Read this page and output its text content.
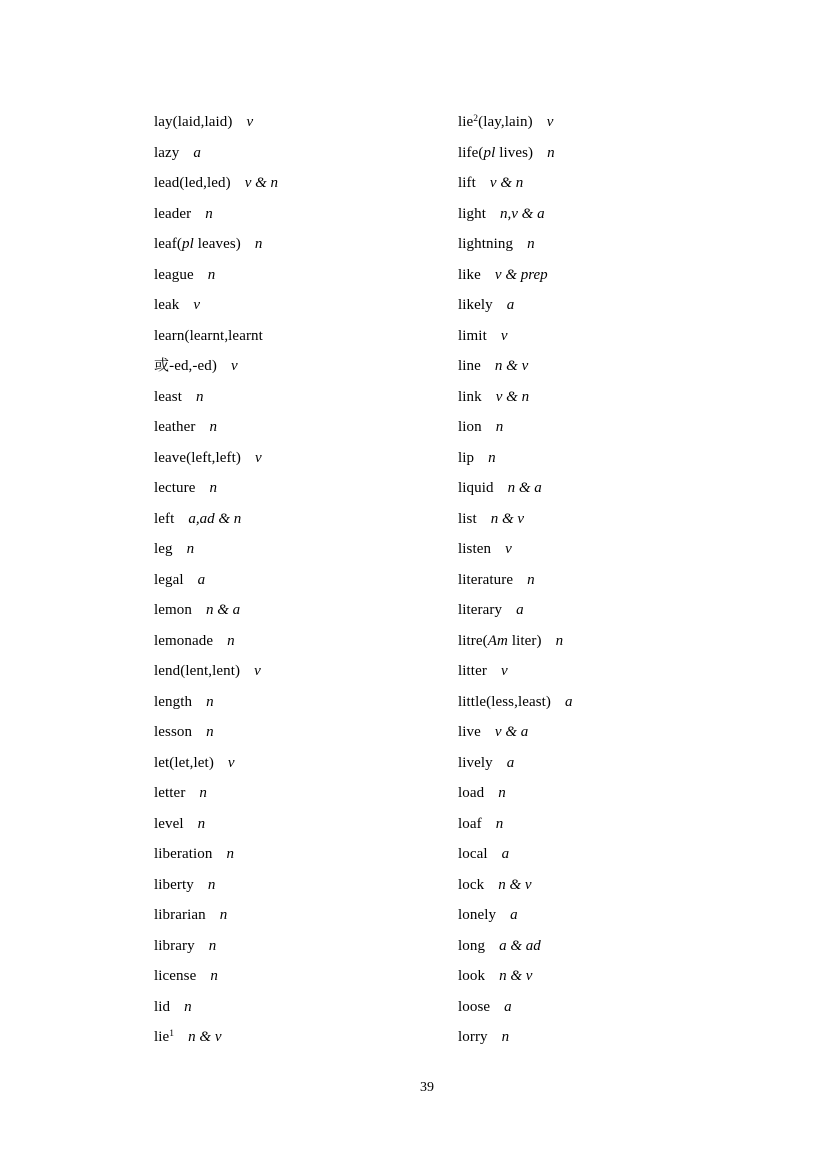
lay(laid,laid) v
lazy a
lead(led,led) v & n
leader n
leaf(pl leaves) n
league n
leak v
learn(learnt,learnt
或-ed,-ed) v
least n
leather n
leave(left,left) v
lecture n
left a,ad & n
leg n
legal a
lemon n & a
lemonade n
lend(lent,lent) v
length n
lesson n
let(let,let) v
letter n
level n
liberation n
liberty n
librarian n
library n
license n
lid n
lie$^1$ n & v
lie$^2$(lay,lain) v
life(pl lives) n
lift v & n
light n,v & a
lightning n
like v & prep
likely a
limit v
line n & v
link v & n
lion n
lip n
liquid n & a
list n & v
listen v
literature n
literary a
litre(Am liter) n
litter v
little(less,least) a
live v & a
lively a
load n
loaf n
local a
lock n & v
lonely a
long a & ad
look n & v
loose a
lorry n
39
